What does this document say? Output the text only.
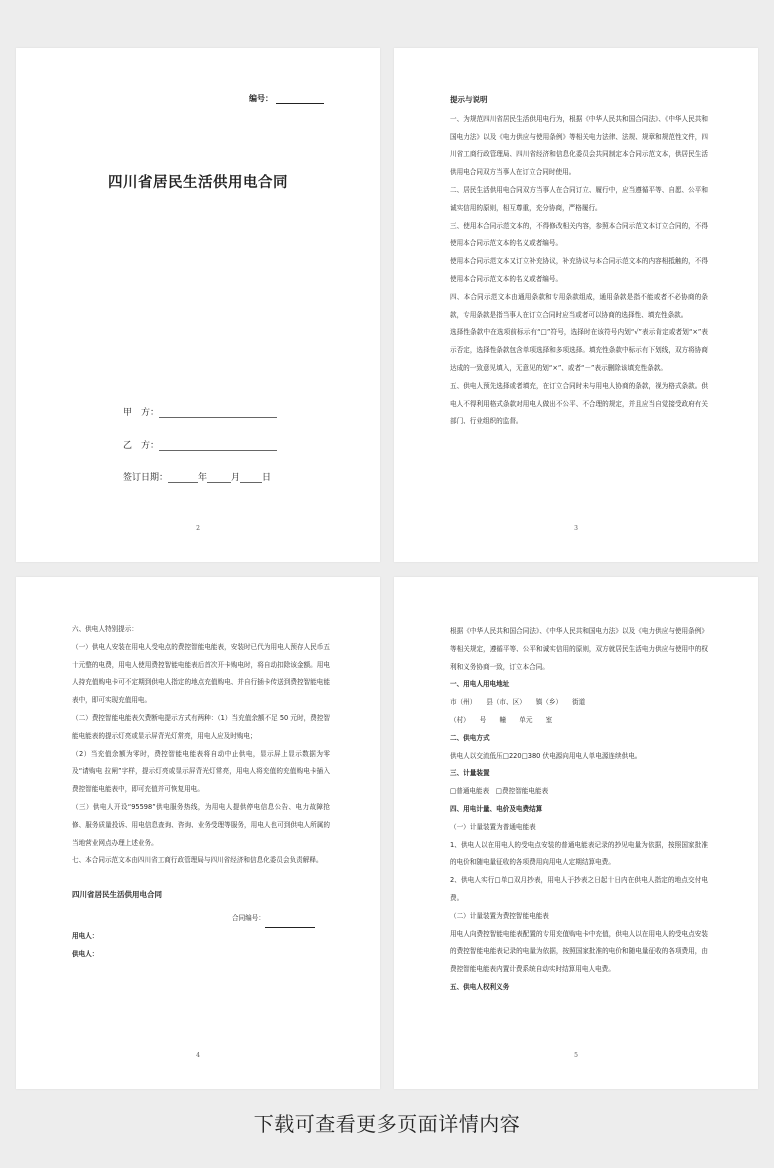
编号：
四川省居民生活供用电合同
甲　方：
乙　方：
签订日期：	年	月 日
2

提示与说明

一、为规范四川省居民生活供用电行为，根据《中华人民共和国合同法》、《中华人民共和国电力法》以及《电力供应与使用条例》等相关电力法律、法规、规章和规范性文件，四川省工商行政管理局、四川省经济和信息化委员会共同制定本合同示范文本，供居民生活供用电合同双方当事人在订立合同时使用。

二、居民生活供用电合同双方当事人在合同订立、履行中，应当遵循平等、自愿、公平和诚实信用的原则，相互尊重，充分协商，严格履行。

三、使用本合同示范文本的，不得修改相关内容，参照本合同示范文本订立合同的，不得使用本合同示范文本的名义或者编号。

使用本合同示范文本又订立补充协议，补充协议与本合同示范文本的内容相抵触的，不得使用本合同示范文本的名义或者编号。

四、本合同示范文本由通用条款和专用条款组成，通用条款是指不能或者不必协商的条款，专用条款是指当事人在订立合同时应当或者可以协商的选择性、填充性条款。

选择性条款中在选项前标示有“□”符号，选择时在该符号内划“√”表示肯定或者划“×”表示否定，选择性条款包含单项选择和多项选择。填充性条款中标示有下划线，双方将协商达成的一致意见填入，无意见的划“×”、或者“－”表示删除该填充性条款。

五、供电人预先选择或者填充，在订立合同时未与用电人协商的条款，视为格式条款。供电人不得利用格式条款对用电人做出不公平、不合理的规定，并且应当自觉接受政府有关部门、行业组织的监督。

3

六、供电人特别提示：

（一）供电人安装在用电人受电点的费控智能电能表，安装时已代为用电人预存人民币五十元整的电费，用电人使用费控智能电能表后首次开卡购电时，将自动扣除该金额。用电人持充值购电卡可不定期到供电人指定的地点充值购电、并自行插卡传送到费控智能电能表中，即可实现充值用电。

（二）费控智能电能表欠费断电提示方式有两种：（1）当充值余额不足 50 元时，费控智能电能表的提示灯亮或显示屏背光灯常亮，用电人应及时购电；

（2）当充值余额为零时，费控智能电能表将自动中止供电，显示屏上显示数据为零及“请购电 拉闸”字样，提示灯亮或显示屏背光灯常亮，用电人将充值的充值购电卡插入费控智能电能表中，即可充值并可恢复用电。

（三）供电人开设“95598”供电服务热线，为用电人提供停电信息公告、电力故障抢修、服务质量投诉、用电信息查询、咨询、业务受理等服务，用电人也可到供电人所属的当地营业网点办理上述业务。

七、本合同示范文本由四川省工商行政管理局与四川省经济和信息化委员会负责解释。

四川省居民生活供用电合同

合同编号：

用电人：

供电人：

4

根据《中华人民共和国合同法》、《中华人民共和国电力法》以及《电力供应与使用条例》等相关规定，遵循平等、公平和诚实信用的原则，双方就居民生活电力供应与使用中的权利和义务协商一致，订立本合同。

一、用电人用电地址

市（州）　　县（市、区）　　镇（乡）　　街道

（村）　　号　　幢　　单元　　室

二、供电方式

供电人以交流低压□220□380 伏电源向用电人单电源连续供电。

三、计量装置

□普通电能表　□费控智能电能表

四、用电计量、电价及电费结算

（一）计量装置为普通电能表

1、供电人以在用电人的受电点安装的普通电能表记录的抄见电量为依据，按照国家批准的电价和随电量征收的各项费用向用电人定期结算电费。

2、供电人实行□单□双月抄表，用电人于抄表之日起十日内在供电人指定的地点交付电费。

（二）计量装置为费控智能电能表

用电人向费控智能电能表配置的专用充值购电卡中充值，供电人以在用电人的受电点安装的费控智能电能表记录的电量为依据，按照国家批准的电价和随电量征收的各项费用，由费控智能电能表内置计费系统自动实时结算用电人电费。

五、供电人权利义务

5
下载可查看更多页面详情内容
